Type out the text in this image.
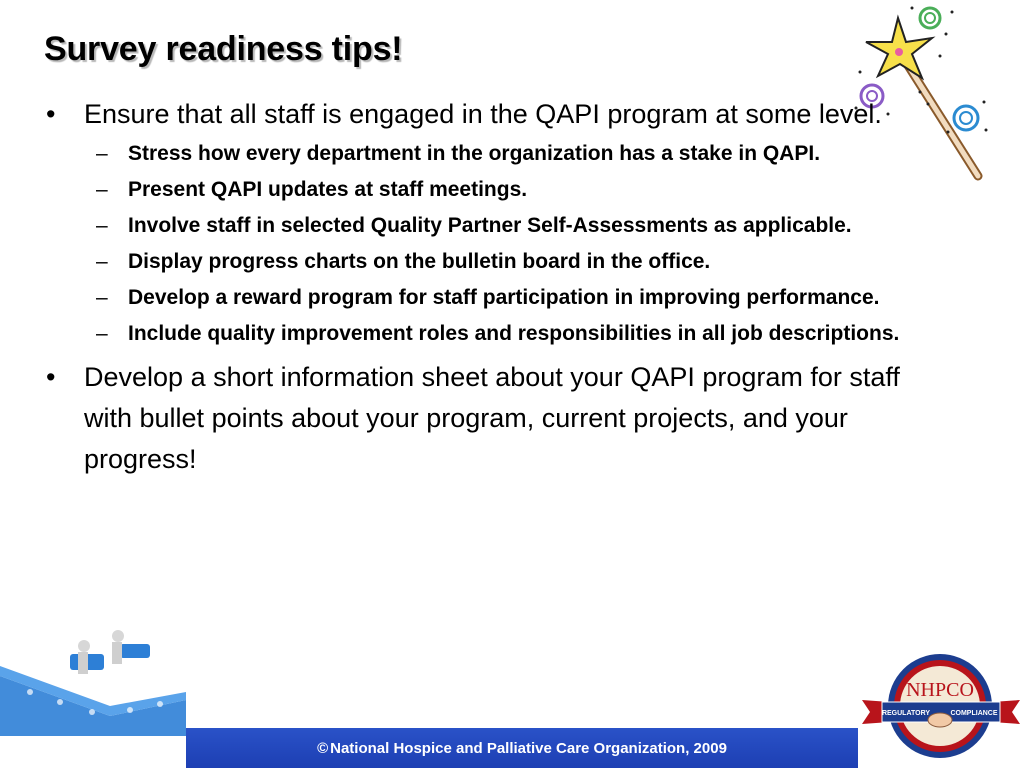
Survey readiness tips!
• Ensure that all staff is engaged in the QAPI program at some level.
– Stress how every department in the organization has a stake in QAPI.
– Present QAPI updates at staff meetings.
– Involve staff in selected Quality Partner Self-Assessments as applicable.
– Display progress charts on the bulletin board in the office.
– Develop a reward program for staff participation in improving performance.
– Include quality improvement roles and responsibilities in all job descriptions.
• Develop a short information sheet about your QAPI program for staff with bullet points about your program, current projects, and your progress!
© National Hospice and Palliative Care Organization, 2009
NHPCO
REGULATORY	COMPLIANCE
